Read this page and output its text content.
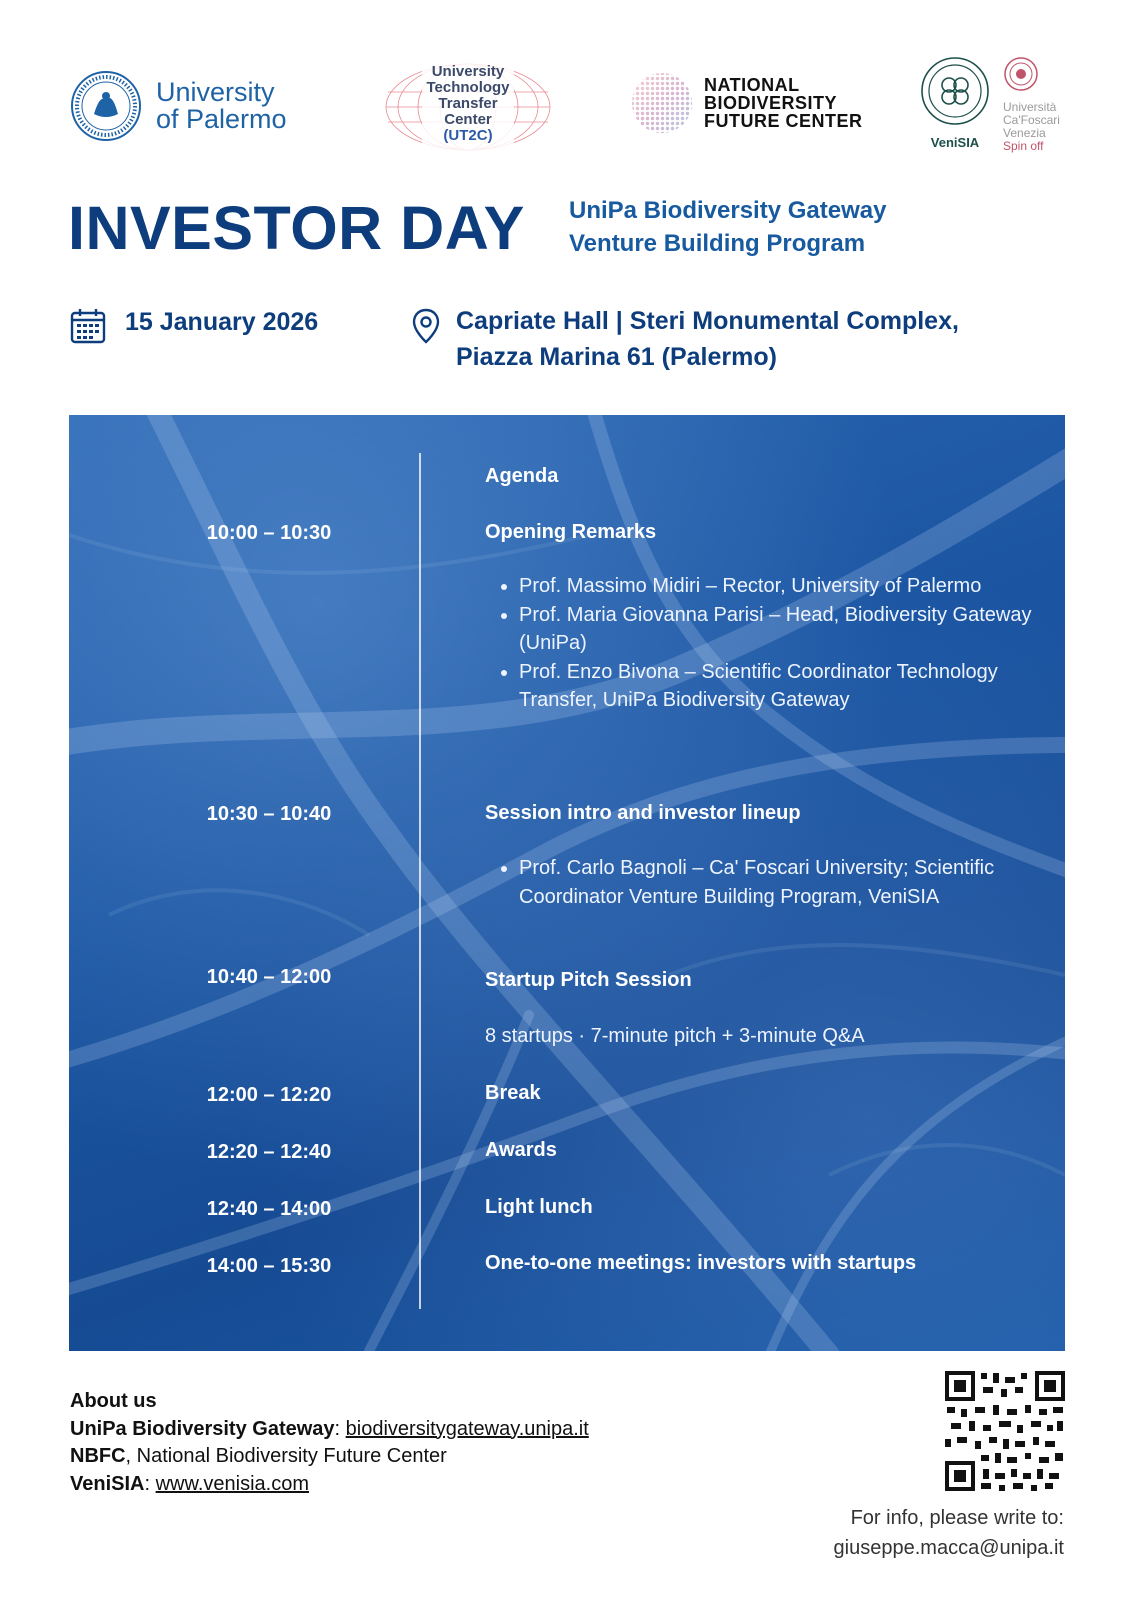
University
of Palermo
University
Technology
Transfer
Center
(UT2C)
NATIONAL
BIODIVERSITY
FUTURE CENTER
VeniSIA
Università
Ca'Foscari
Venezia
Spin off
INVESTOR DAY UniPa Biodiversity Gateway
Venture Building Program
15 January 2026	Capriate Hall | Steri Monumental Complex,
Piazza Marina 61 (Palermo)
Agenda
10:00 – 10:30	Opening Remarks
• Prof. Massimo Midiri – Rector, University of Palermo
• Prof. Maria Giovanna Parisi – Head, Biodiversity Gateway (UniPa)
• Prof. Enzo Bivona – Scientific Coordinator Technology Transfer, UniPa Biodiversity Gateway
10:30 – 10:40	Session intro and investor lineup
• Prof. Carlo Bagnoli – Ca' Foscari University; Scientific Coordinator Venture Building Program, VeniSIA
10:40 – 12:00	Startup Pitch Session
8 startups · 7-minute pitch + 3-minute Q&A
12:00 – 12:20	Break
12:20 – 12:40	Awards
12:40 – 14:00	Light lunch
14:00 – 15:30	One-to-one meetings: investors with startups
About us
UniPa Biodiversity Gateway: biodiversitygateway.unipa.it
NBFC, National Biodiversity Future Center
VeniSIA: www.venisia.com
For info, please write to:
giuseppe.macca@unipa.it
